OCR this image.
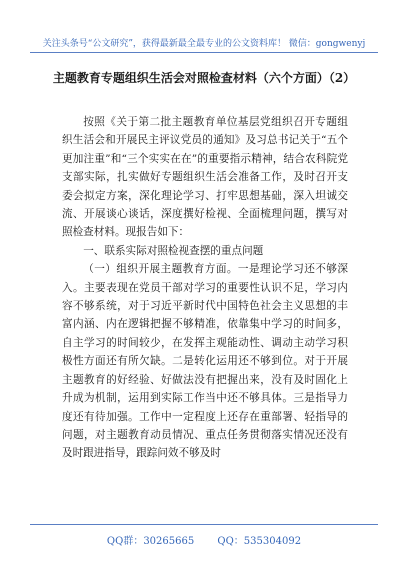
关注头条号“公文研究”，获得最新最全最专业的公文资料库！ 微信：gongwenyj
主题教育专题组织生活会对照检查材料（六个方面）（2）

按照《关于第二批主题教育单位基层党组织召开专题组织生活会和开展民主评议党员的通知》及习总书记关于“五个更加注重”和“三个实实在在”的重要指示精神，结合农科院党支部实际，扎实做好专题组织生活会准备工作，及时召开支委会拟定方案，深化理论学习、打牢思想基础，深入坦诚交流、开展谈心谈话，深度撰好检视、全面梳理问题，撰写对照检查材料。现报告如下：

一、联系实际对照检视查摆的重点问题

（一）组织开展主题教育方面。一是理论学习还不够深入。主要表现在党员干部对学习的重要性认识不足，学习内容不够系统，对于习近平新时代中国特色社会主义思想的丰富内涵、内在逻辑把握不够精准，依靠集中学习的时间多，自主学习的时间较少，在发挥主观能动性、调动主动学习积极性方面还有所欠缺。二是转化运用还不够到位。对于开展主题教育的好经验、好做法没有把握出来，没有及时固化上升成为机制，运用到实际工作当中还不够具体。三是指导力度还有待加强。工作中一定程度上还存在重部署、轻指导的问题，对主题教育动员情况、重点任务贯彻落实情况还没有及时跟进指导，跟踪问效不够及时

QQ群：30265665 QQ：535304092
